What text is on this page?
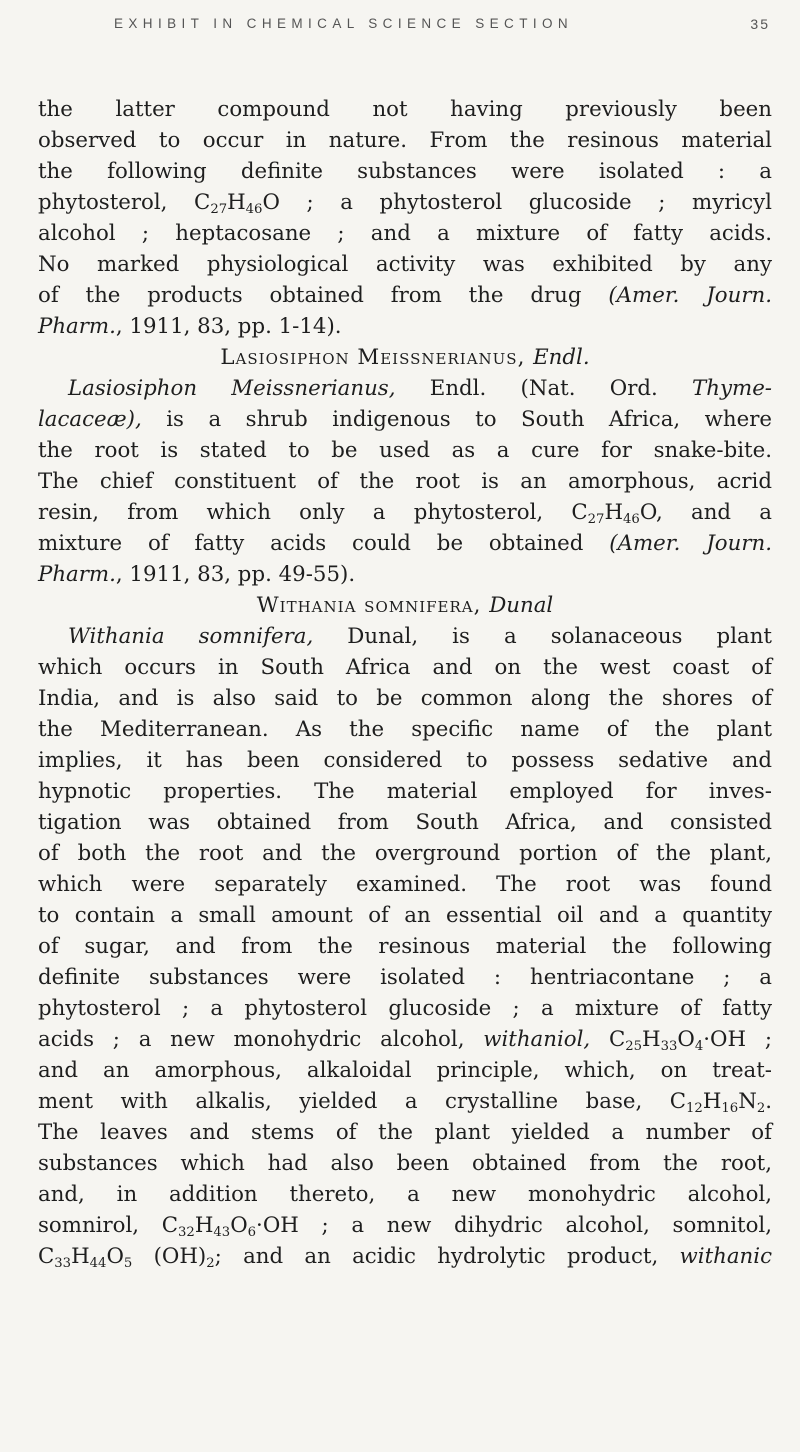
EXHIBIT IN CHEMICAL SCIENCE SECTION	35
the latter compound not having previously been
observed to occur in nature. From the resinous material
the following definite substances were isolated : a
phytosterol, $C_{27}H_{46}O$ ; a phytosterol glucoside ; myricyl
alcohol ; heptacosane ; and a mixture of fatty acids.
No marked physiological activity was exhibited by any
of the products obtained from the drug (Amer. Journ.
Pharm., 1911, 83, pp. 1-14).
Lasiosiphon Meissnerianus, Endl.
Lasiosiphon Meissnerianus, Endl. (Nat. Ord. Thyme-
lacaceæ), is a shrub indigenous to South Africa, where
the root is stated to be used as a cure for snake-bite.
The chief constituent of the root is an amorphous, acrid
resin, from which only a phytosterol, $C_{27}H_{46}O$, and a
mixture of fatty acids could be obtained (Amer. Journ.
Pharm., 1911, 83, pp. 49-55).
Withania somnifera, Dunal
Withania somnifera, Dunal, is a solanaceous plant
which occurs in South Africa and on the west coast of
India, and is also said to be common along the shores of
the Mediterranean. As the specific name of the plant
implies, it has been considered to possess sedative and
hypnotic properties. The material employed for inves-
tigation was obtained from South Africa, and consisted
of both the root and the overground portion of the plant,
which were separately examined. The root was found
to contain a small amount of an essential oil and a quantity
of sugar, and from the resinous material the following
definite substances were isolated : hentriacontane ; a
phytosterol ; a phytosterol glucoside ; a mixture of fatty
acids ; a new monohydric alcohol, withaniol, $C_{25}H_{33}O_4\cdot OH$ ;
and an amorphous, alkaloidal principle, which, on treat-
ment with alkalis, yielded a crystalline base, $C_{12}H_{16}N_2$.
The leaves and stems of the plant yielded a number of
substances which had also been obtained from the root,
and, in addition thereto, a new monohydric alcohol,
somnirol, $C_{32}H_{43}O_6\cdot OH$ ; a new dihydric alcohol, somnitol,
$C_{33}H_{44}O_5$ $(OH)_2$; and an acidic hydrolytic product, withanic
